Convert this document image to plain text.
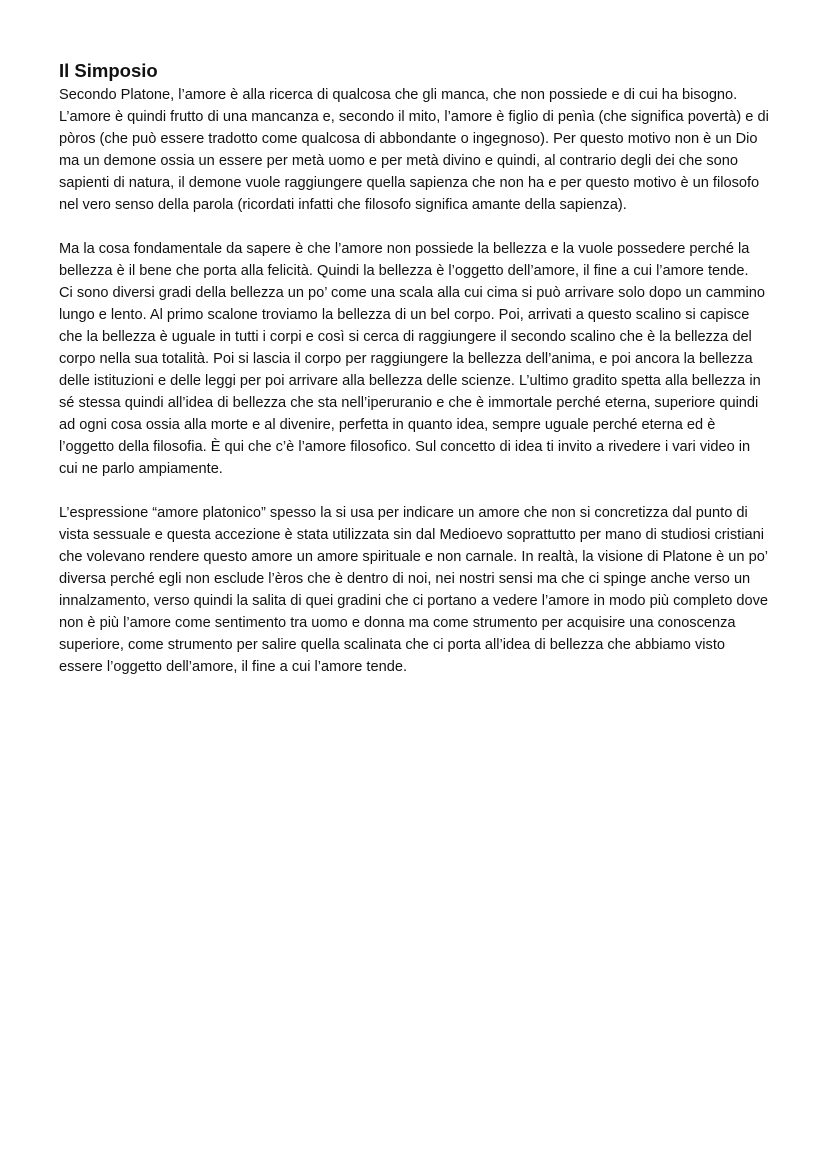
Il Simposio

Secondo Platone, l’amore è alla ricerca di qualcosa che gli manca, che non possiede e di cui ha bisogno. L’amore è quindi frutto di una mancanza e, secondo il mito, l’amore è figlio di penìa (che significa povertà) e di pòros (che può essere tradotto come qualcosa di abbondante o ingegnoso). Per questo motivo non è un Dio ma un demone ossia un essere per metà uomo e per metà divino e quindi, al contrario degli dei che sono sapienti di natura, il demone vuole raggiungere quella sapienza che non ha e per questo motivo è un filosofo nel vero senso della parola (ricordati infatti che filosofo significa amante della sapienza).

Ma la cosa fondamentale da sapere è che l’amore non possiede la bellezza e la vuole possedere perché la bellezza è il bene che porta alla felicità. Quindi la bellezza è l’oggetto dell’amore, il fine a cui l’amore tende.

Ci sono diversi gradi della bellezza un po’ come una scala alla cui cima si può arrivare solo dopo un cammino lungo e lento. Al primo scalone troviamo la bellezza di un bel corpo. Poi, arrivati a questo scalino si capisce che la bellezza è uguale in tutti i corpi e così si cerca di raggiungere il secondo scalino che è la bellezza del corpo nella sua totalità. Poi si lascia il corpo per raggiungere la bellezza dell’anima, e poi ancora la bellezza delle istituzioni e delle leggi per poi arrivare alla bellezza delle scienze. L’ultimo gradito spetta alla bellezza in sé stessa quindi all’idea di bellezza che sta nell’iperuranio e che è immortale perché eterna, superiore quindi ad ogni cosa ossia alla morte e al divenire, perfetta in quanto idea, sempre uguale perché eterna ed è l’oggetto della filosofia. È qui che c’è l’amore filosofico. Sul concetto di idea ti invito a rivedere i vari video in cui ne parlo ampiamente.

L’espressione “amore platonico” spesso la si usa per indicare un amore che non si concretizza dal punto di vista sessuale e questa accezione è stata utilizzata sin dal Medioevo soprattutto per mano di studiosi cristiani che volevano rendere questo amore un amore spirituale e non carnale. In realtà, la visione di Platone è un po’ diversa perché egli non esclude l’èros che è dentro di noi, nei nostri sensi ma che ci spinge anche verso un innalzamento, verso quindi la salita di quei gradini che ci portano a vedere l’amore in modo più completo dove non è più l’amore come sentimento tra uomo e donna ma come strumento per acquisire una conoscenza superiore, come strumento per salire quella scalinata che ci porta all’idea di bellezza che abbiamo visto essere l’oggetto dell’amore, il fine a cui l’amore tende.
